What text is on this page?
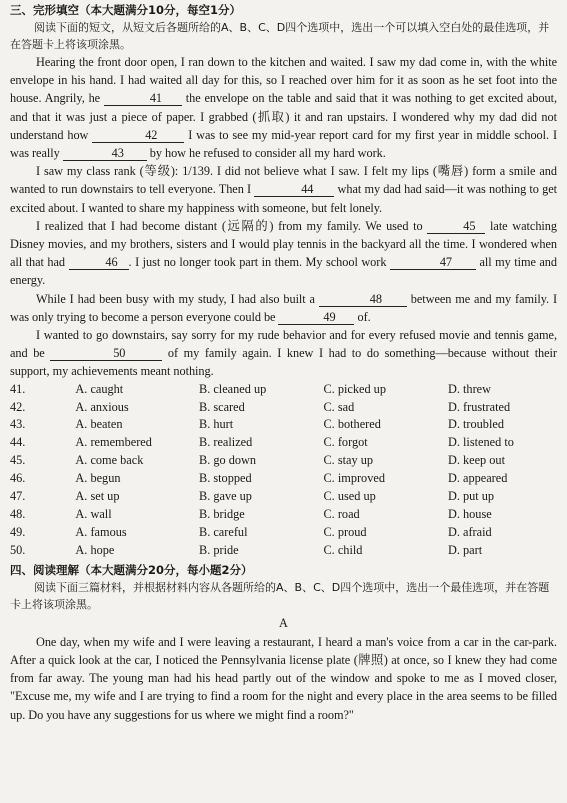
三、完形填空（本大题满分10分，每空1分）

阅读下面的短文，从短文后各题所给的A、B、C、D四个选项中，选出一个可以填入空白处的最佳选项，并在答题卡上将该项涂黑。

Hearing the front door open, I ran down to the kitchen and waited. I saw my dad come in, with the white envelope in his hand. I had waited all day for this, so I reached over him for it as soon as he set foot into the house. Angrily, he	41 the envelope on the table and said that it was nothing to get excited about, and that it was just a piece of paper. I grabbed (抓取) it and ran upstairs. I wondered why my dad did not understand how	42 I was to see my mid-year report card for my first year in middle school. I was really	43 by how he refused to consider all my hard work.

I saw my class rank (等级): 1/139. I did not believe what I saw. I felt my lips (嘴唇) form a smile and wanted to run downstairs to tell everyone. Then I	44 what my dad had said—it was nothing to get excited about. I wanted to share my happiness with someone, but felt lonely.

I realized that I had become distant (远隔的) from my family. We used to	45 late watching Disney movies, and my brothers, sisters and I would play tennis in the backyard all the time. I wondered when all that had	46 . I just no longer took part in them. My school work	47 all my time and energy.

While I had been busy with my study, I had also built a	48 between me and my family. I was only trying to become a person everyone could be	49 of.

I wanted to go downstairs, say sorry for my rude behavior and for every refused movie and tennis game, and be	50	of my family again. I knew I had to do something—because without their support, my achievements meant nothing.

41.	A. caught	B. cleaned up	C. picked up	D. threw
42.	A. anxious	B. scared	C. sad	D. frustrated
43.	A. beaten	B. hurt	C. bothered	D. troubled
44.	A. remembered	B. realized	C. forgot	D. listened to
45.	A. come back	B. go down	C. stay up	D. keep out
46.	A. begun	B. stopped	C. improved	D. appeared
47.	A. set up	B. gave up	C. used up	D. put up
48.	A. wall	B. bridge	C. road	D. house
49.	A. famous	B. careful	C. proud	D. afraid
50.	A. hope	B. pride	C. child	D. part
四、阅读理解（本大题满分20分，每小题2分）

阅读下面三篇材料，并根据材料内容从各题所给的A、B、C、D四个选项中，选出一个最佳选项，并在答题卡上将该项涂黑。

A

One day, when my wife and I were leaving a restaurant, I heard a man's voice from a car in the car-park. After a quick look at the car, I noticed the Pennsylvania license plate (牌照) at once, so I knew they had come from far away. The young man had his head partly out of the window and spoke to me as I moved closer, "Excuse me, my wife and I are trying to find a room for the night and every place in the area seems to be filled up. Do you have any suggestions for us where we might find a room?"
